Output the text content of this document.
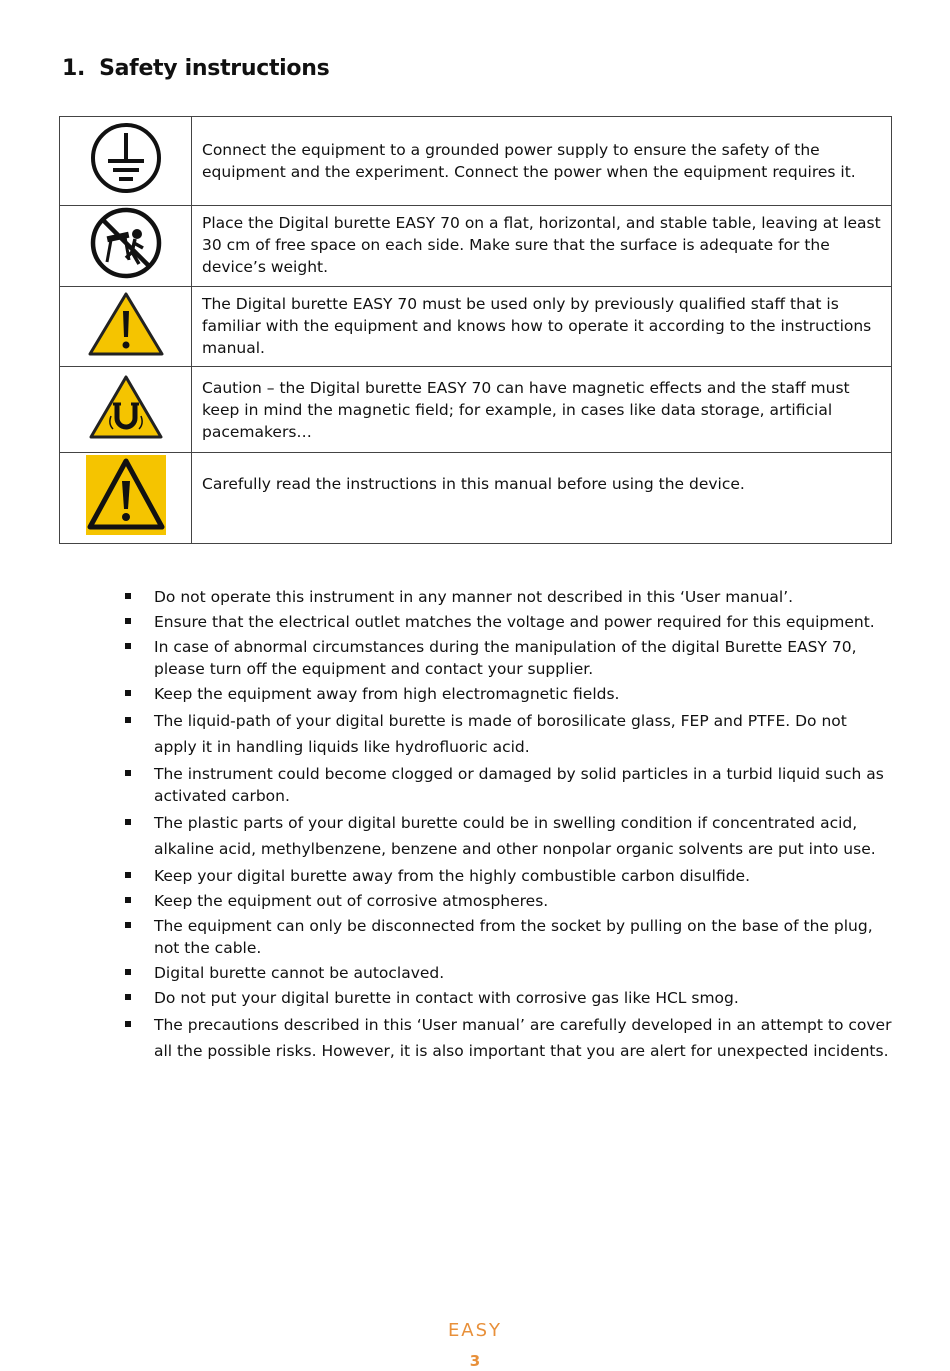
1. Safety instructions
	Connect the equipment to a grounded power supply to ensure the safety of the equipment and the experiment. Connect the power when the equipment requires it.
	Place the Digital burette EASY 70 on a flat, horizontal, and stable table, leaving at least 30 cm of free space on each side. Make sure that the surface is adequate for the device’s weight.
	The Digital burette EASY 70 must be used only by previously qualified staff that is familiar with the equipment and knows how to operate it according to the instructions manual.
	Caution – the Digital burette EASY 70 can have magnetic effects and the staff must keep in mind the magnetic field; for example, in cases like data storage, artificial pacemakers…
	Carefully read the instructions in this manual before using the device.
Do not operate this instrument in any manner not described in this ‘User manual’.
Ensure that the electrical outlet matches the voltage and power required for this equipment.
In case of abnormal circumstances during the manipulation of the digital Burette EASY 70, please turn off the equipment and contact your supplier.
Keep the equipment away from high electromagnetic fields.
The liquid-path of your digital burette is made of borosilicate glass, FEP and PTFE. Do not apply it in handling liquids like hydrofluoric acid.
The instrument could become clogged or damaged by solid particles in a turbid liquid such as activated carbon.
The plastic parts of your digital burette could be in swelling condition if concentrated acid, alkaline acid, methylbenzene, benzene and other nonpolar organic solvents are put into use.
Keep your digital burette away from the highly combustible carbon disulfide.
Keep the equipment out of corrosive atmospheres.
The equipment can only be disconnected from the socket by pulling on the base of the plug, not the cable.
Digital burette cannot be autoclaved.
Do not put your digital burette in contact with corrosive gas like HCL smog.
The precautions described in this ‘User manual’ are carefully developed in an attempt to cover all the possible risks. However, it is also important that you are alert for unexpected incidents.
EASY
3
